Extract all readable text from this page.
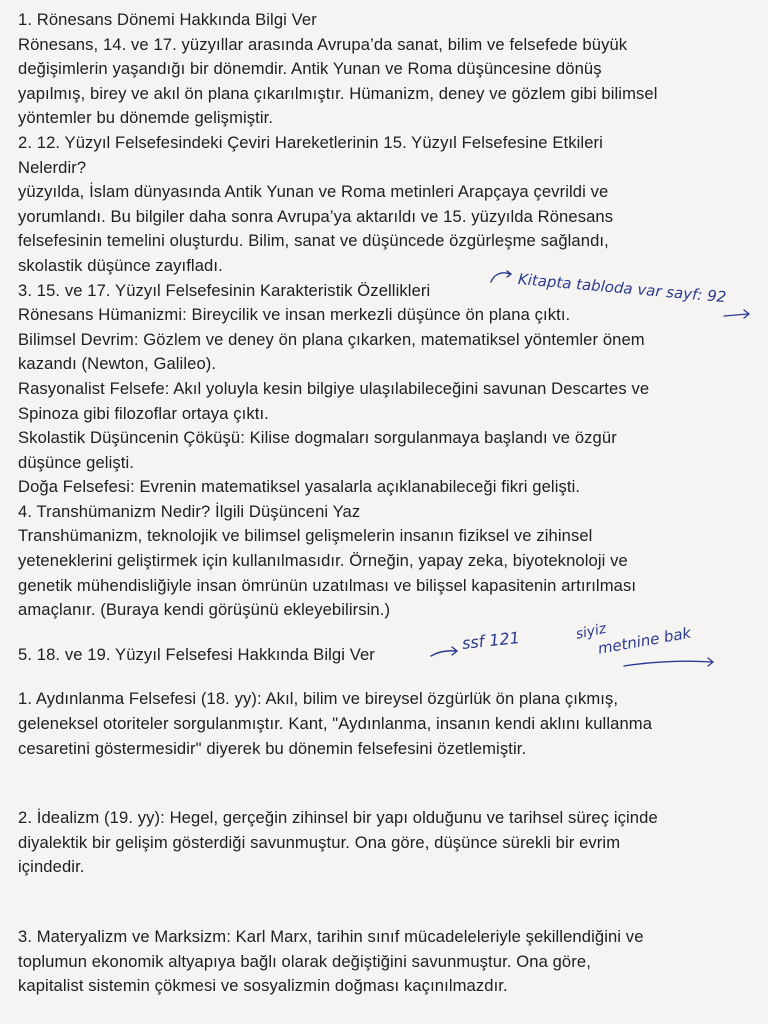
1. Rönesans Dönemi Hakkında Bilgi Ver

Rönesans, 14. ve 17. yüzyıllar arasında Avrupa’da sanat, bilim ve felsefede büyük

değişimlerin yaşandığı bir dönemdir. Antik Yunan ve Roma düşüncesine dönüş

yapılmış, birey ve akıl ön plana çıkarılmıştır. Hümanizm, deney ve gözlem gibi bilimsel

yöntemler bu dönemde gelişmiştir.

2. 12. Yüzyıl Felsefesindeki Çeviri Hareketlerinin 15. Yüzyıl Felsefesine Etkileri

Nelerdir?

yüzyılda, İslam dünyasında Antik Yunan ve Roma metinleri Arapçaya çevrildi ve

yorumlandı. Bu bilgiler daha sonra Avrupa’ya aktarıldı ve 15. yüzyılda Rönesans

felsefesinin temelini oluşturdu. Bilim, sanat ve düşüncede özgürleşme sağlandı,

skolastik düşünce zayıfladı.

3. 15. ve 17. Yüzyıl Felsefesinin Karakteristik Özellikleri

Rönesans Hümanizmi: Bireycilik ve insan merkezli düşünce ön plana çıktı.

Bilimsel Devrim: Gözlem ve deney ön plana çıkarken, matematiksel yöntemler önem

kazandı (Newton, Galileo).

Rasyonalist Felsefe: Akıl yoluyla kesin bilgiye ulaşılabileceğini savunan Descartes ve

Spinoza gibi filozoflar ortaya çıktı.

Skolastik Düşüncenin Çöküşü: Kilise dogmaları sorgulanmaya başlandı ve özgür

düşünce gelişti.

Doğa Felsefesi: Evrenin matematiksel yasalarla açıklanabileceği fikri gelişti.

4. Transhümanizm Nedir? İlgili Düşünceni Yaz

Transhümanizm, teknolojik ve bilimsel gelişmelerin insanın fiziksel ve zihinsel

yeteneklerini geliştirmek için kullanılmasıdır. Örneğin, yapay zeka, biyoteknoloji ve

genetik mühendisliğiyle insan ömrünün uzatılması ve bilişsel kapasitenin artırılması

amaçlanır. (Buraya kendi görüşünü ekleyebilirsin.)

5. 18. ve 19. Yüzyıl Felsefesi Hakkında Bilgi Ver

1. Aydınlanma Felsefesi (18. yy): Akıl, bilim ve bireysel özgürlük ön plana çıkmış,

geleneksel otoriteler sorgulanmıştır. Kant, "Aydınlanma, insanın kendi aklını kullanma

cesaretini göstermesidir" diyerek bu dönemin felsefesini özetlemiştir.

2. İdealizm (19. yy): Hegel, gerçeğin zihinsel bir yapı olduğunu ve tarihsel süreç içinde

diyalektik bir gelişim gösterdiği savunmuştur. Ona göre, düşünce sürekli bir evrim

içindedir.

3. Materyalizm ve Marksizm: Karl Marx, tarihin sınıf mücadeleleriyle şekillendiğini ve

toplumun ekonomik altyapıya bağlı olarak değiştiğini savunmuştur. Ona göre,

kapitalist sistemin çökmesi ve sosyalizmin doğması kaçınılmazdır.

Kitapta tabloda var sayf: 92
ssf 121	siyiz
metnine bak
